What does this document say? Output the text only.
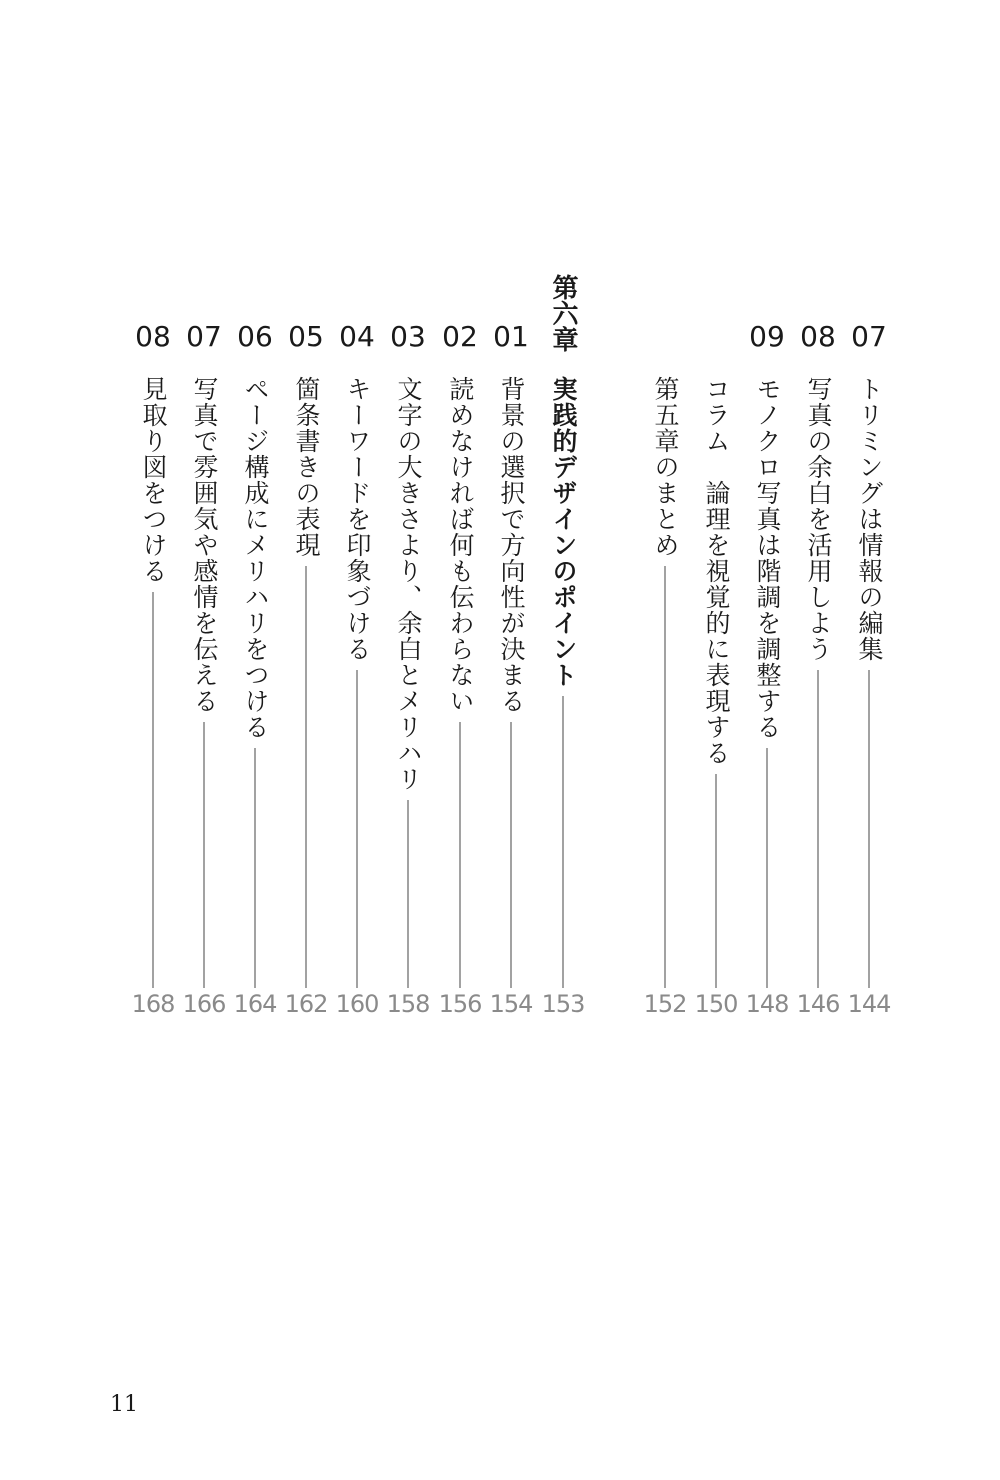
07
トリミングは情報の編集
144
08
写真の余白を活用しよう
146
09
モノクロ写真は階調を調整する
148
コラム　論理を視覚的に表現する
150
第五章のまとめ
152
第六章
実践的デザインのポイント
153
01
背景の選択で方向性が決まる
154
02
読めなければ何も伝わらない
156
03
文字の大きさより、余白とメリハリ
158
04
キーワードを印象づける
160
05
箇条書きの表現
162
06
ページ構成にメリハリをつける
164
07
写真で雰囲気や感情を伝える
166
08
見取り図をつける
168
11
